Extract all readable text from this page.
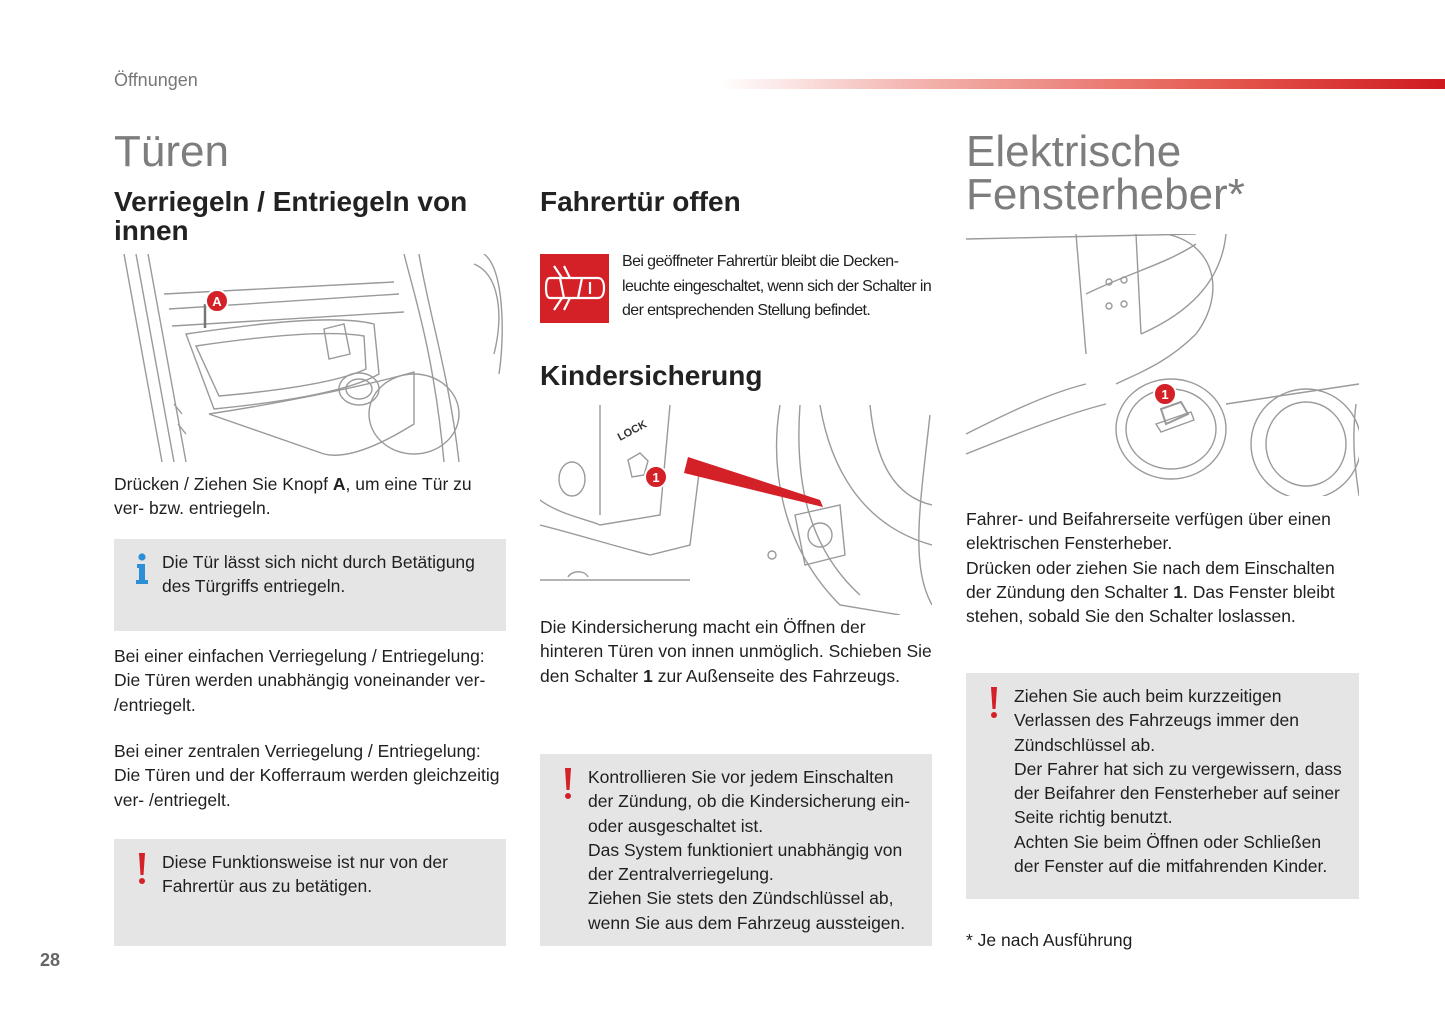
Öffnungen
28
Türen
Verriegeln / Entriegeln von innen
A
Drücken / Ziehen Sie Knopf A, um eine Tür zu ver- bzw. entriegeln.
Die Tür lässt sich nicht durch Betätigung des Türgriffs entriegeln.
Bei einer einfachen Verriegelung / Entriegelung: Die Türen werden unabhängig voneinander ver- /entriegelt.
Bei einer zentralen Verriegelung / Entriegelung: Die Türen und der Kofferraum werden gleichzeitig ver- /entriegelt.
Diese Funktionsweise ist nur von der Fahrertür aus zu betätigen.
Fahrertür offen
Bei geöffneter Fahrertür bleibt die Decken-leuchte eingeschaltet, wenn sich der Schalter in der entsprechenden Stellung befindet.
Kindersicherung
LOCK
1
Die Kindersicherung macht ein Öffnen der hinteren Türen von innen unmöglich. Schieben Sie den Schalter 1 zur Außenseite des Fahrzeugs.
Kontrollieren Sie vor jedem Einschalten der Zündung, ob die Kindersicherung ein- oder ausgeschaltet ist.
Das System funktioniert unabhängig von der Zentralverriegelung.
Ziehen Sie stets den Zündschlüssel ab, wenn Sie aus dem Fahrzeug aussteigen.
Elektrische
Fensterheber*
1
Fahrer- und Beifahrerseite verfügen über einen elektrischen Fensterheber.
Drücken oder ziehen Sie nach dem Einschalten der Zündung den Schalter 1. Das Fenster bleibt stehen, sobald Sie den Schalter loslassen.
Ziehen Sie auch beim kurzzeitigen Verlassen des Fahrzeugs immer den Zündschlüssel ab.
Der Fahrer hat sich zu vergewissern, dass der Beifahrer den Fensterheber auf seiner Seite richtig benutzt.
Achten Sie beim Öffnen oder Schließen der Fenster auf die mitfahrenden Kinder.
* Je nach Ausführung
